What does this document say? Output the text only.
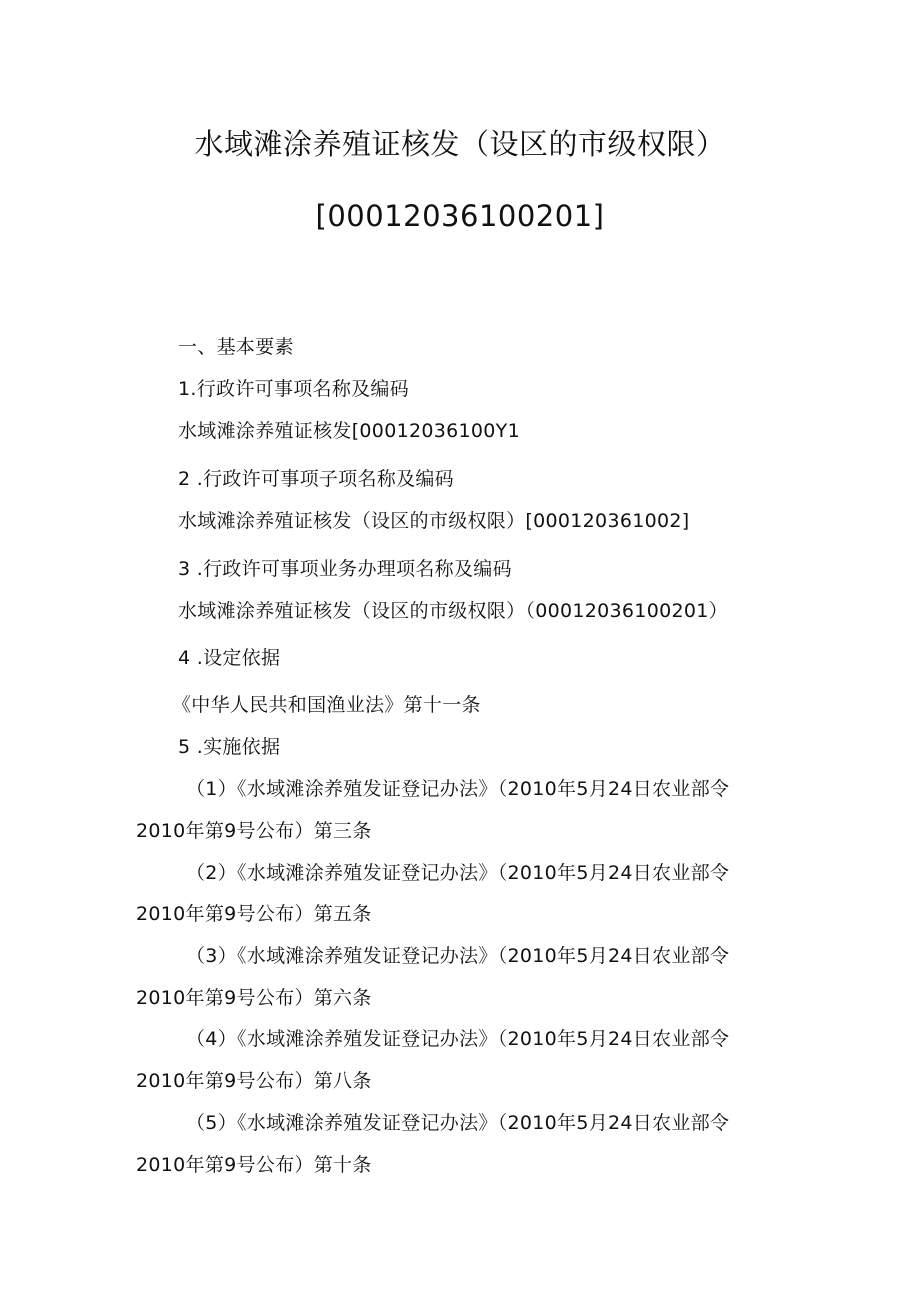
水域滩涂养殖证核发（设区的市级权限）
[00012036100201]
一、基本要素
1.行政许可事项名称及编码
水域滩涂养殖证核发[00012036100Y1
2 .行政许可事项子项名称及编码
水域滩涂养殖证核发（设区的市级权限）[000120361002]
3 .行政许可事项业务办理项名称及编码
水域滩涂养殖证核发（设区的市级权限）（00012036100201）
4 .设定依据
《中华人民共和国渔业法》第十一条
5 .实施依据
（1）《水域滩涂养殖发证登记办法》（2010年5月24日农业部令
2010年第9号公布）第三条
（2）《水域滩涂养殖发证登记办法》（2010年5月24日农业部令
2010年第9号公布）第五条
（3）《水域滩涂养殖发证登记办法》（2010年5月24日农业部令
2010年第9号公布）第六条
（4）《水域滩涂养殖发证登记办法》（2010年5月24日农业部令
2010年第9号公布）第八条
（5）《水域滩涂养殖发证登记办法》（2010年5月24日农业部令
2010年第9号公布）第十条
